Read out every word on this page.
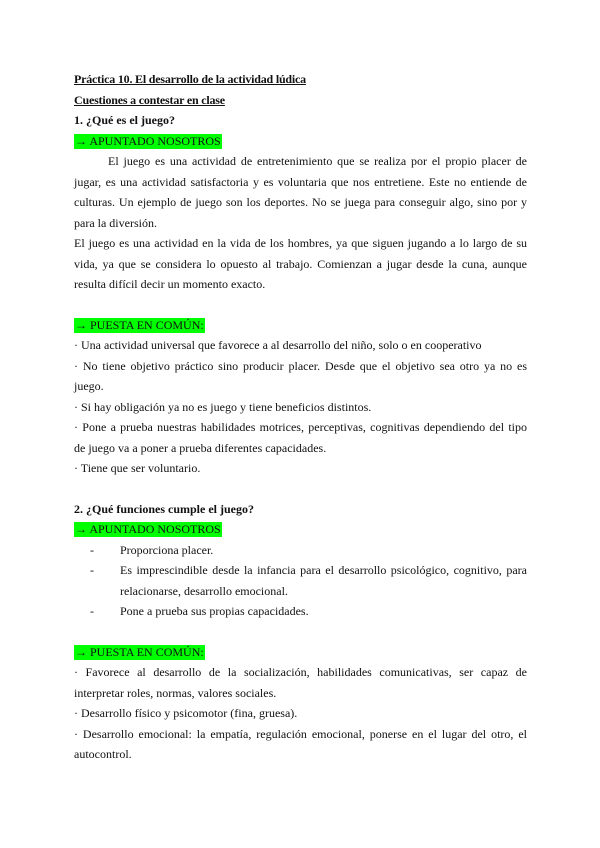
Práctica 10. El desarrollo de la actividad lúdica
Cuestiones a contestar en clase
1. ¿Qué es el juego?
→ APUNTADO NOSOTROS

El juego es una actividad de entretenimiento que se realiza por el propio placer de jugar, es una actividad satisfactoria y es voluntaria que nos entretiene. Este no entiende de culturas. Un ejemplo de juego son los deportes. No se juega para conseguir algo, sino por y para la diversión.

El juego es una actividad en la vida de los hombres, ya que siguen jugando a lo largo de su vida, ya que se considera lo opuesto al trabajo. Comienzan a jugar desde la cuna, aunque resulta difícil decir un momento exacto.

→ PUESTA EN COMÚN:

· Una actividad universal que favorece a al desarrollo del niño, solo o en cooperativo

· No tiene objetivo práctico sino producir placer. Desde que el objetivo sea otro ya no es juego.

· Si hay obligación ya no es juego y tiene beneficios distintos.

· Pone a prueba nuestras habilidades motrices, perceptivas, cognitivas dependiendo del tipo de juego va a poner a prueba diferentes capacidades.

· Tiene que ser voluntario.

2. ¿Qué funciones cumple el juego?
→ APUNTADO NOSOTROS
- Proporciona placer.
- Es imprescindible desde la infancia para el desarrollo psicológico, cognitivo, para relacionarse, desarrollo emocional.
- Pone a prueba sus propias capacidades.
→ PUESTA EN COMÚN:

· Favorece al desarrollo de la socialización, habilidades comunicativas, ser capaz de interpretar roles, normas, valores sociales.

· Desarrollo físico y psicomotor (fina, gruesa).

· Desarrollo emocional: la empatía, regulación emocional, ponerse en el lugar del otro, el autocontrol.
